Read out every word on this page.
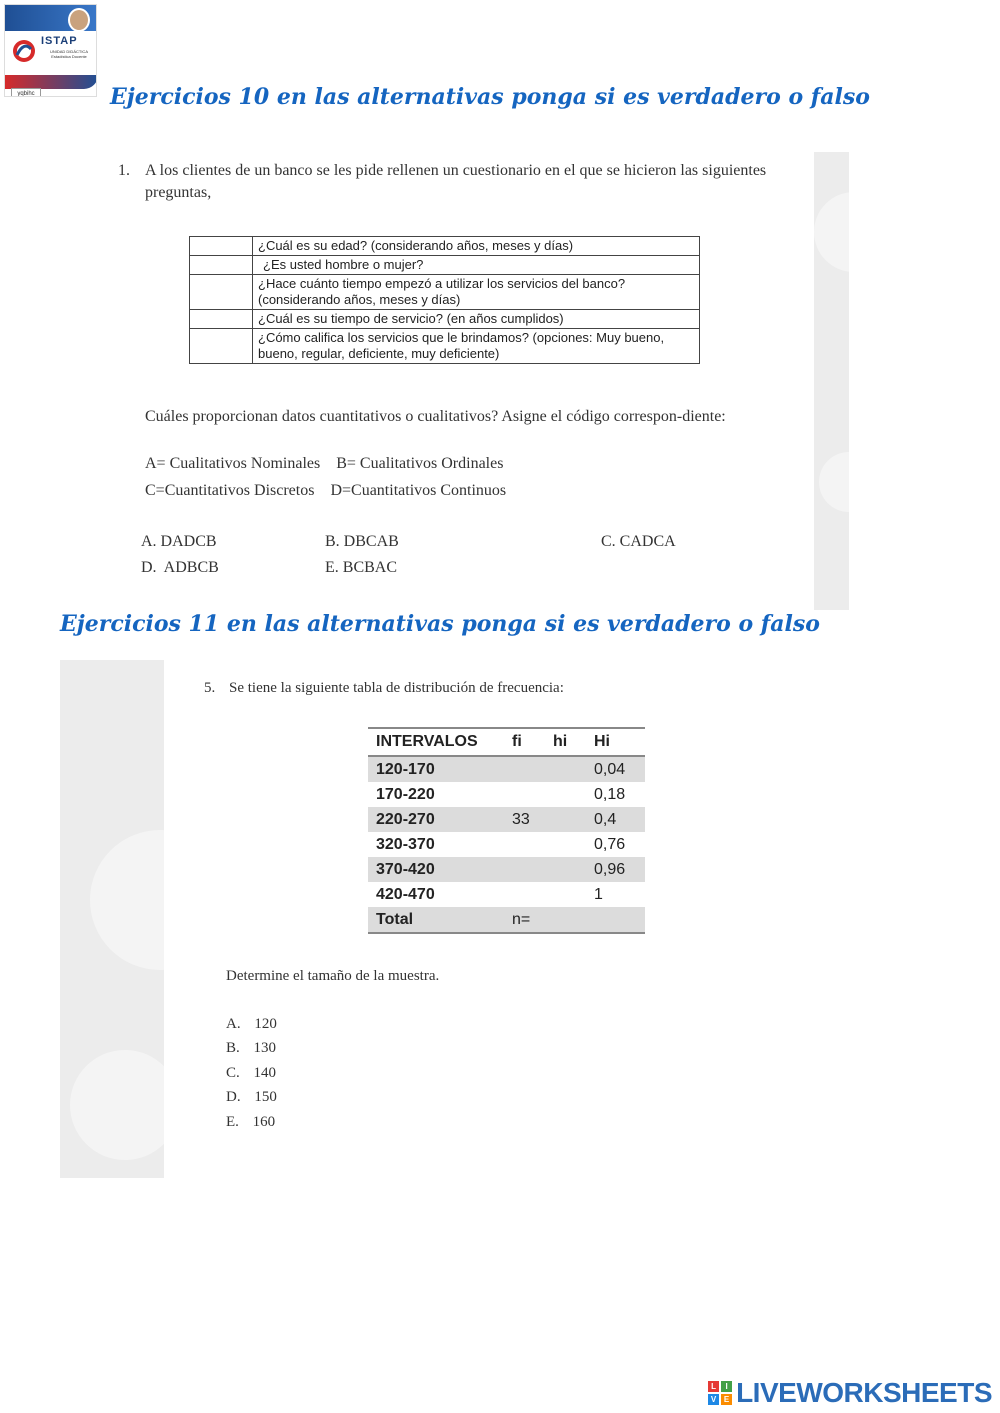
ISTAP
UNIDAD DIDÁCTICA Estadística Docente
yqbihc	Ejercicios 10 en las alternativas ponga si es verdadero o falso
1. A los clientes de un banco se les pide rellenen un cuestionario en el que se hicieron las siguientes preguntas,
	¿Cuál es su edad? (considerando años, meses y días)
	¿Es usted hombre o mujer?
	¿Hace cuánto tiempo empezó a utilizar los servicios del banco? (considerando años, meses y días)
	¿Cuál es su tiempo de servicio? (en años cumplidos)
	¿Cómo califica los servicios que le brindamos? (opciones: Muy bueno, bueno, regular, deficiente, muy deficiente)
Cuáles proporcionan datos cuantitativos o cualitativos? Asigne el código correspon-diente:
A= Cualitativos Nominales    B= Cualitativos Ordinales
C=Cuantitativos Discretos    D=Cuantitativos Continuos
A. DADCB	B. DBCAB	C. CADCA
D.  ADBCB	E. BCBAC
Ejercicios 11 en las alternativas ponga si es verdadero o falso
5. Se tiene la siguiente tabla de distribución de frecuencia:
INTERVALOS	fi	hi	Hi
120-170			0,04
170-220			0,18
220-270	33		0,4
320-370			0,76
370-420			0,96
420-470			1
Total	n=		
Determine el tamaño de la muestra.
A. 120
B. 130
C. 140
D. 150
E. 160
L	I
V E LIVEWORKSHEETS
